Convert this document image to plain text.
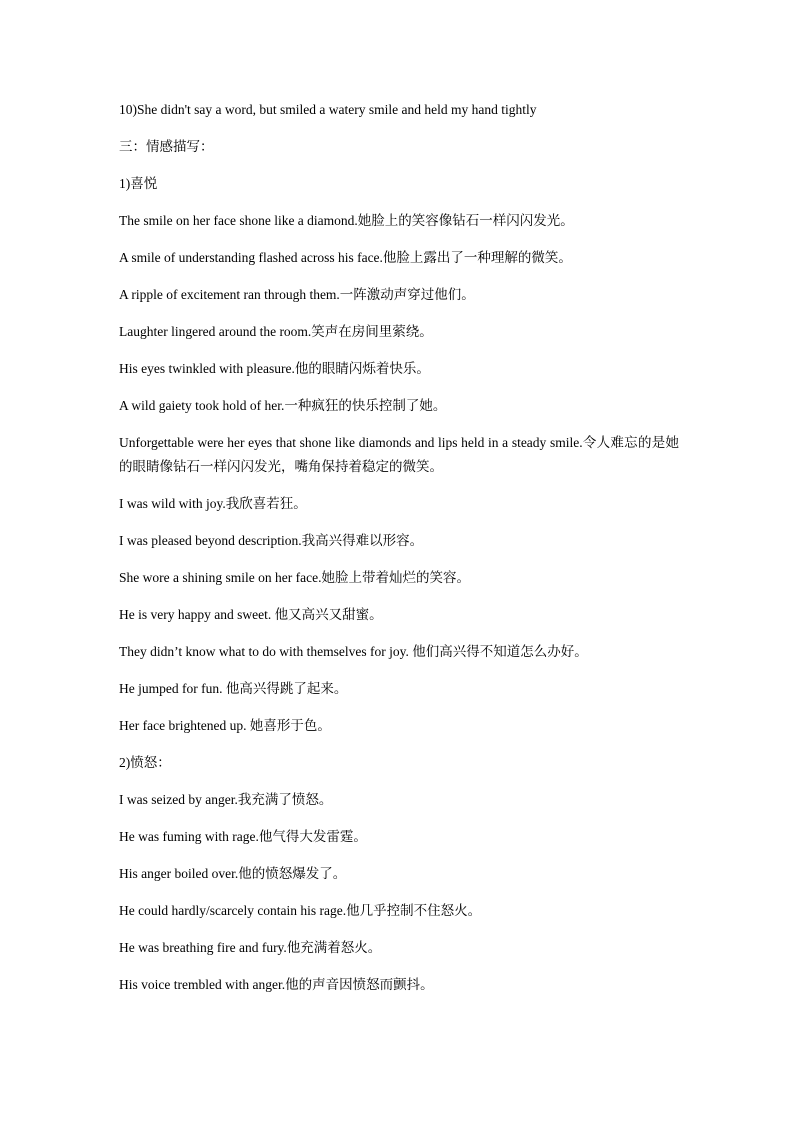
10)She didn't say a word, but smiled a watery smile and held my hand tightly

三：情感描写：

1)喜悦

The smile on her face shone like a diamond.她脸上的笑容像钻石一样闪闪发光。

A smile of understanding flashed across his face.他脸上露出了一种理解的微笑。

A ripple of excitement ran through them.一阵激动声穿过他们。

Laughter lingered around the room.笑声在房间里萦绕。

His eyes twinkled with pleasure.他的眼睛闪烁着快乐。

A wild gaiety took hold of her.一种疯狂的快乐控制了她。

Unforgettable were her eyes that shone like diamonds and lips held in a steady smile.令人难忘的是她的眼睛像钻石一样闪闪发光，嘴角保持着稳定的微笑。

I was wild with joy.我欣喜若狂。

I was pleased beyond description.我高兴得难以形容。

She wore a shining smile on her face.她脸上带着灿烂的笑容。

He is very happy and sweet. 他又高兴又甜蜜。

They didn’t know what to do with themselves for joy. 他们高兴得不知道怎么办好。

He jumped for fun. 他高兴得跳了起来。

Her face brightened up. 她喜形于色。

2)愤怒：

I was seized by anger.我充满了愤怒。

He was fuming with rage.他气得大发雷霆。

His anger boiled over.他的愤怒爆发了。

He could hardly/scarcely contain his rage.他几乎控制不住怒火。

He was breathing fire and fury.他充满着怒火。

His voice trembled with anger.他的声音因愤怒而颤抖。
